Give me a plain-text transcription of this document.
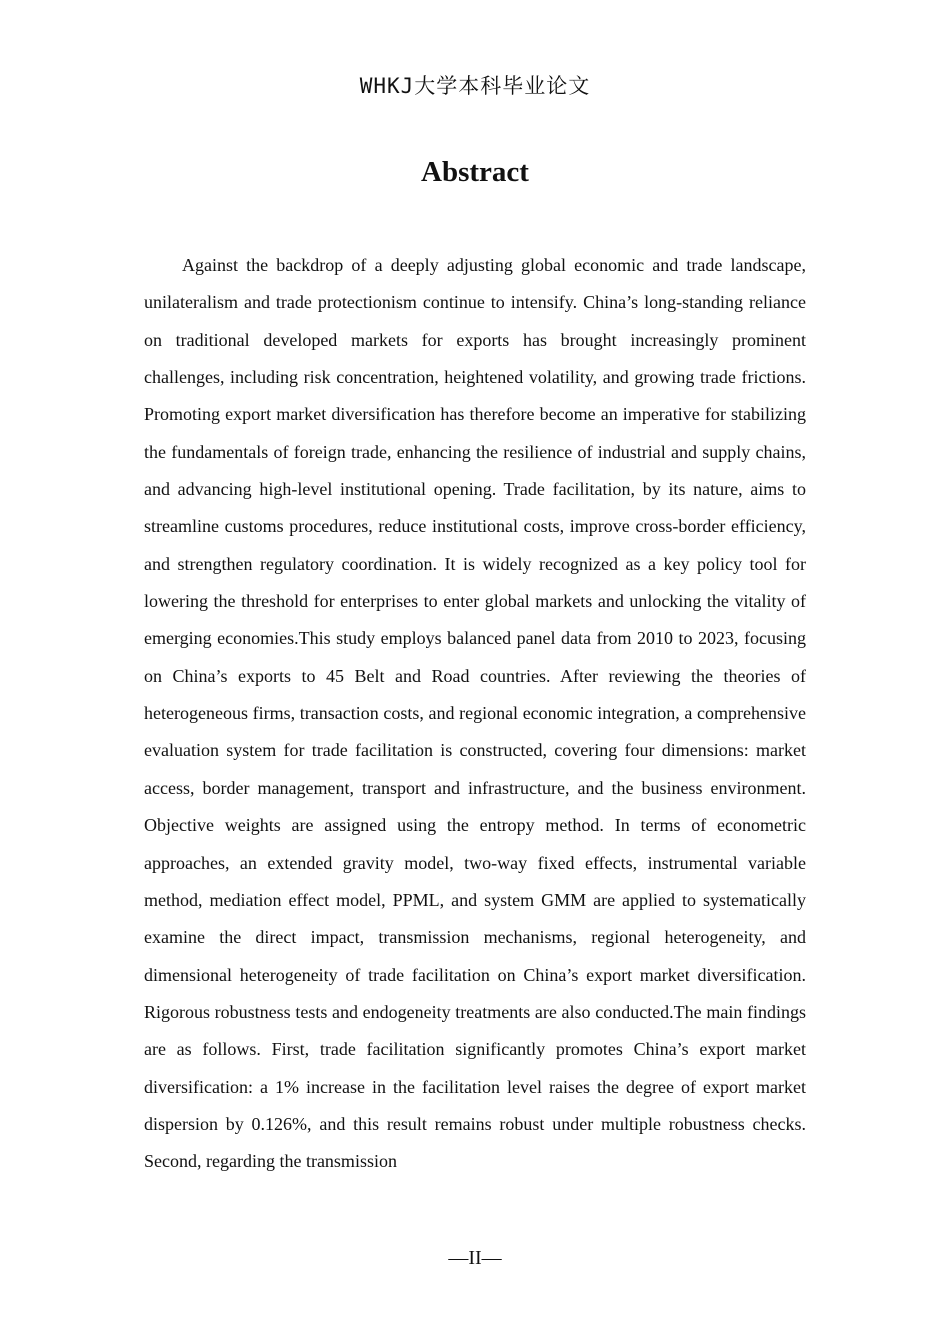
WHKJ大学本科毕业论文
Abstract

Against the backdrop of a deeply adjusting global economic and trade landscape, unilateralism and trade protectionism continue to intensify. China’s long-standing reliance on traditional developed markets for exports has brought increasingly prominent challenges, including risk concentration, heightened volatility, and growing trade frictions. Promoting export market diversification has therefore become an imperative for stabilizing the fundamentals of foreign trade, enhancing the resilience of industrial and supply chains, and advancing high-level institutional opening. Trade facilitation, by its nature, aims to streamline customs procedures, reduce institutional costs, improve cross-border efficiency, and strengthen regulatory coordination. It is widely recognized as a key policy tool for lowering the threshold for enterprises to enter global markets and unlocking the vitality of emerging economies.This study employs balanced panel data from 2010 to 2023, focusing on China’s exports to 45 Belt and Road countries. After reviewing the theories of heterogeneous firms, transaction costs, and regional economic integration, a comprehensive evaluation system for trade facilitation is constructed, covering four dimensions: market access, border management, transport and infrastructure, and the business environment. Objective weights are assigned using the entropy method. In terms of econometric approaches, an extended gravity model, two-way fixed effects, instrumental variable method, mediation effect model, PPML, and system GMM are applied to systematically examine the direct impact, transmission mechanisms, regional heterogeneity, and dimensional heterogeneity of trade facilitation on China’s export market diversification. Rigorous robustness tests and endogeneity treatments are also conducted.The main findings are as follows. First, trade facilitation significantly promotes China’s export market diversification: a 1% increase in the facilitation level raises the degree of export market dispersion by 0.126%, and this result remains robust under multiple robustness checks. Second, regarding the transmission

—II—
